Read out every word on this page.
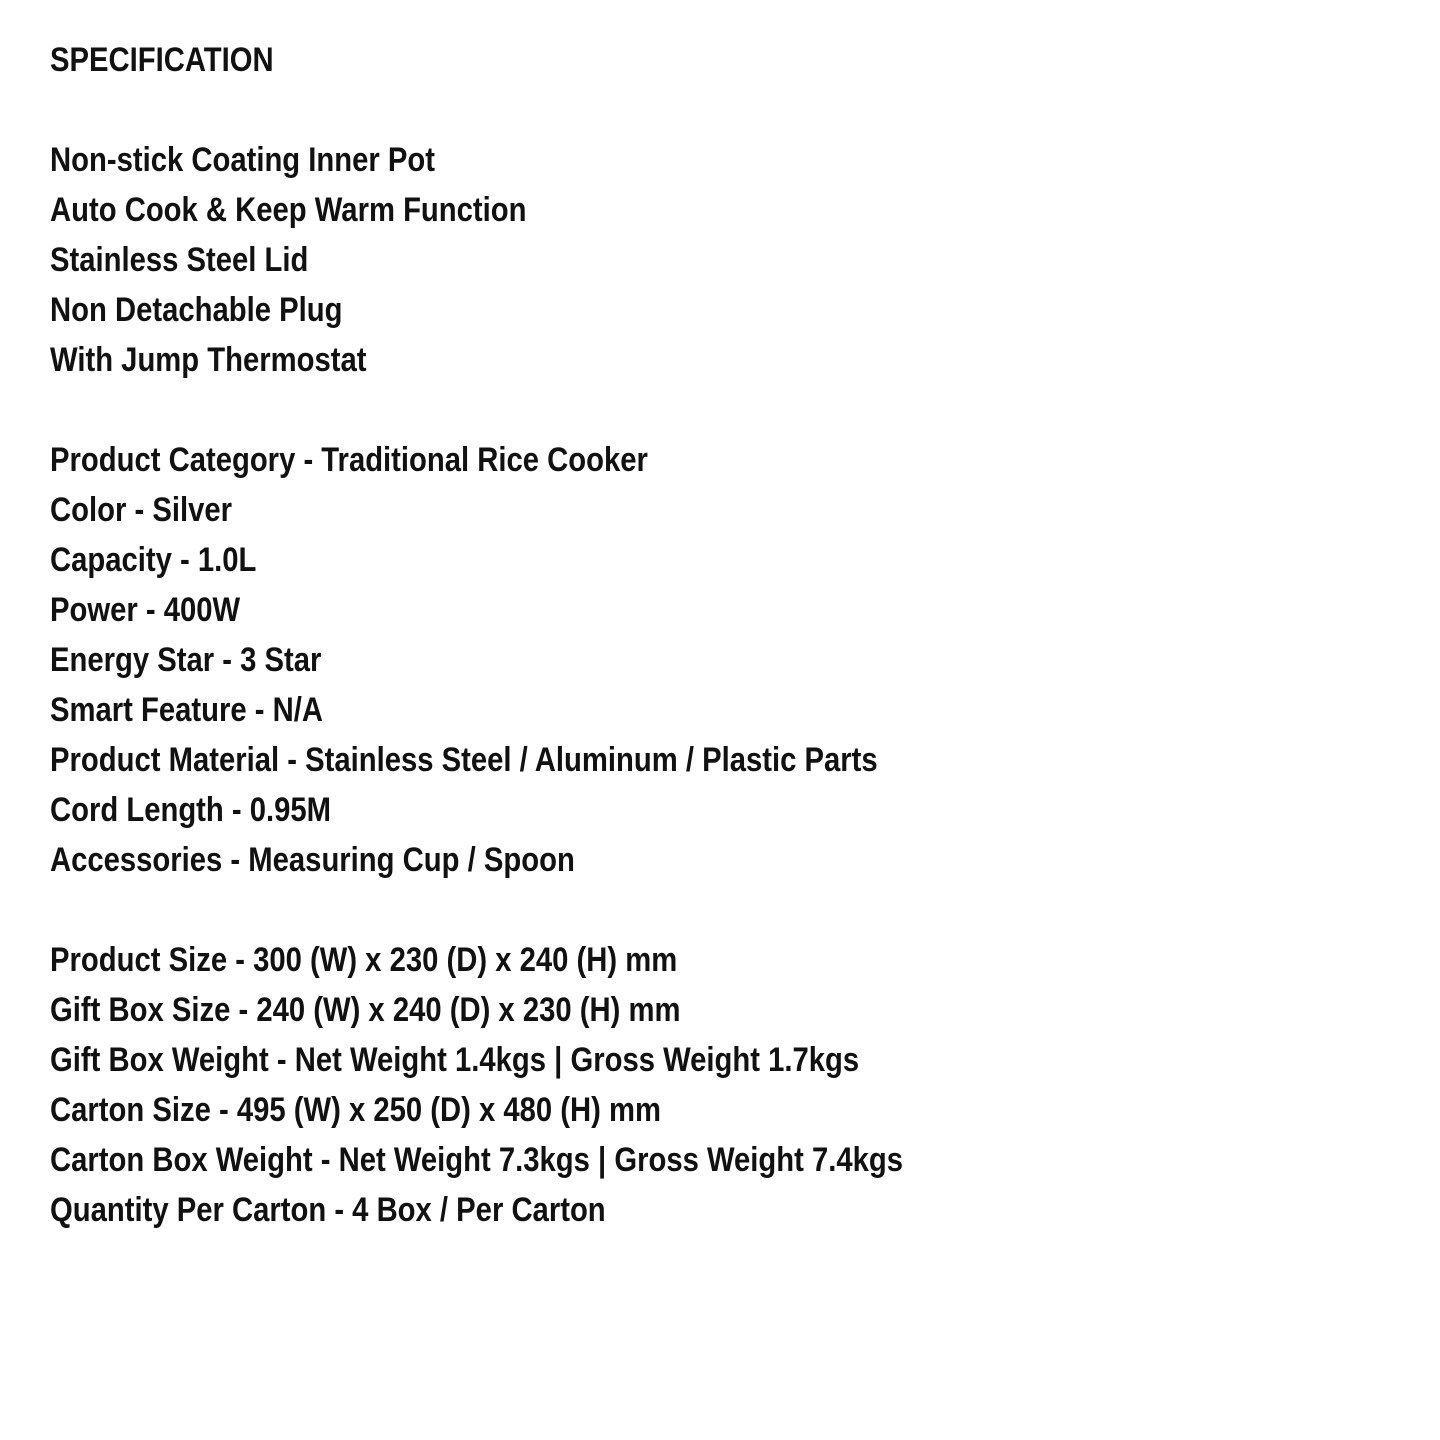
SPECIFICATION
Non-stick Coating Inner Pot
Auto Cook & Keep Warm Function
Stainless Steel Lid
Non Detachable Plug
With Jump Thermostat
Product Category - Traditional Rice Cooker
Color - Silver
Capacity - 1.0L
Power - 400W
Energy Star - 3 Star
Smart Feature - N/A
Product Material - Stainless Steel / Aluminum / Plastic Parts
Cord Length - 0.95M
Accessories - Measuring Cup / Spoon
Product Size - 300 (W) x 230 (D) x 240 (H) mm
Gift Box Size - 240 (W) x 240 (D) x 230 (H) mm
Gift Box Weight - Net Weight 1.4kgs | Gross Weight 1.7kgs
Carton Size - 495 (W) x 250 (D) x 480 (H) mm
Carton Box Weight - Net Weight 7.3kgs | Gross Weight 7.4kgs
Quantity Per Carton - 4 Box / Per Carton
